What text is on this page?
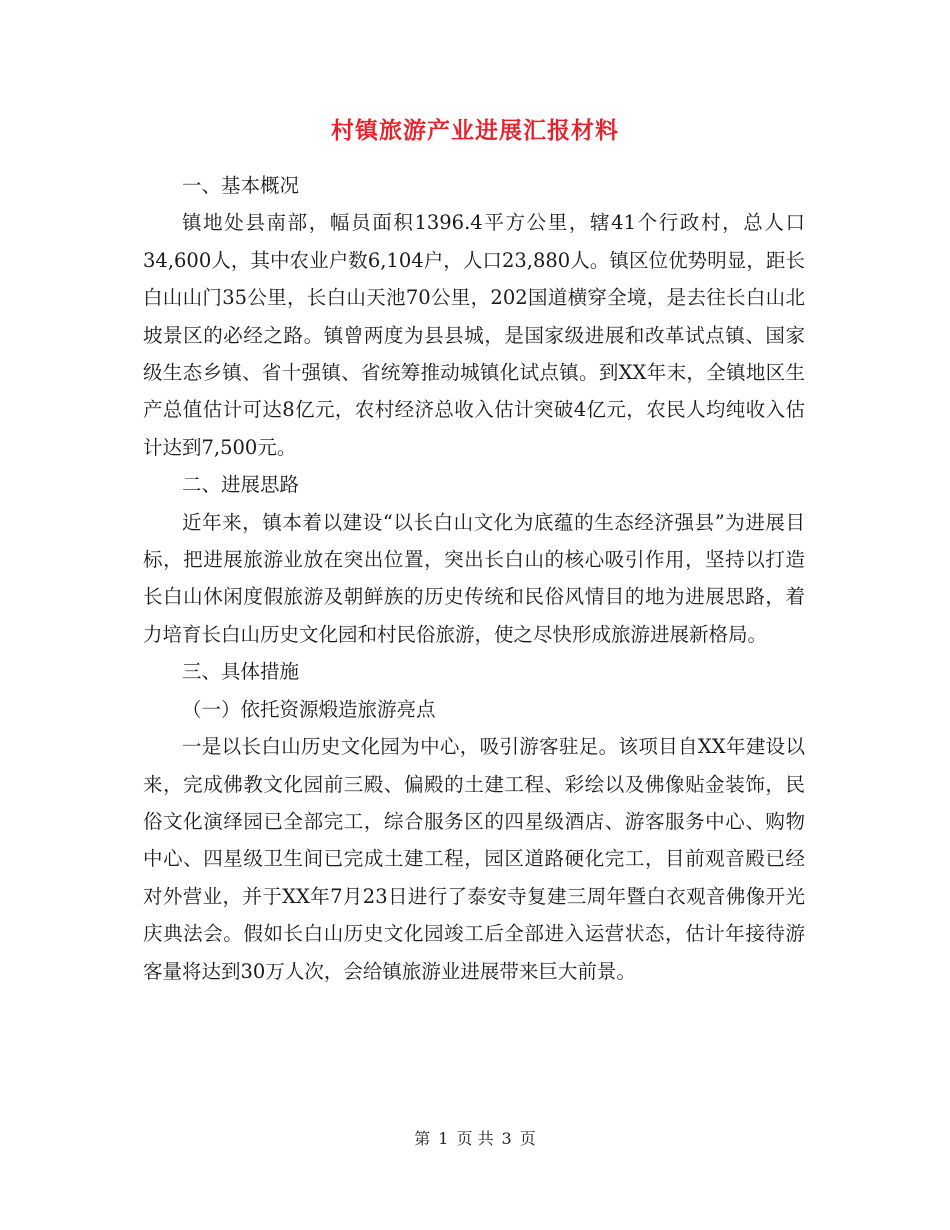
村镇旅游产业进展汇报材料

一、基本概况

镇地处县南部，幅员面积1396.4平方公里，辖41个行政村，总人口34,600人，其中农业户数6,104户，人口23,880人。镇区位优势明显，距长白山山门35公里，长白山天池70公里，202国道横穿全境，是去往长白山北坡景区的必经之路。镇曾两度为县县城，是国家级进展和改革试点镇、国家级生态乡镇、省十强镇、省统筹推动城镇化试点镇。到XX年末，全镇地区生产总值估计可达8亿元，农村经济总收入估计突破4亿元，农民人均纯收入估计达到7,500元。

二、进展思路

近年来，镇本着以建设“以长白山文化为底蕴的生态经济强县”为进展目标，把进展旅游业放在突出位置，突出长白山的核心吸引作用，坚持以打造长白山休闲度假旅游及朝鲜族的历史传统和民俗风情目的地为进展思路，着力培育长白山历史文化园和村民俗旅游，使之尽快形成旅游进展新格局。

三、具体措施

（一）依托资源煅造旅游亮点

一是以长白山历史文化园为中心，吸引游客驻足。该项目自XX年建设以来，完成佛教文化园前三殿、偏殿的土建工程、彩绘以及佛像贴金装饰，民俗文化演绎园已全部完工，综合服务区的四星级酒店、游客服务中心、购物中心、四星级卫生间已完成土建工程，园区道路硬化完工，目前观音殿已经对外营业，并于XX年7月23日进行了泰安寺复建三周年暨白衣观音佛像开光庆典法会。假如长白山历史文化园竣工后全部进入运营状态，估计年接待游客量将达到30万人次，会给镇旅游业进展带来巨大前景。

第 1 页 共 3 页
